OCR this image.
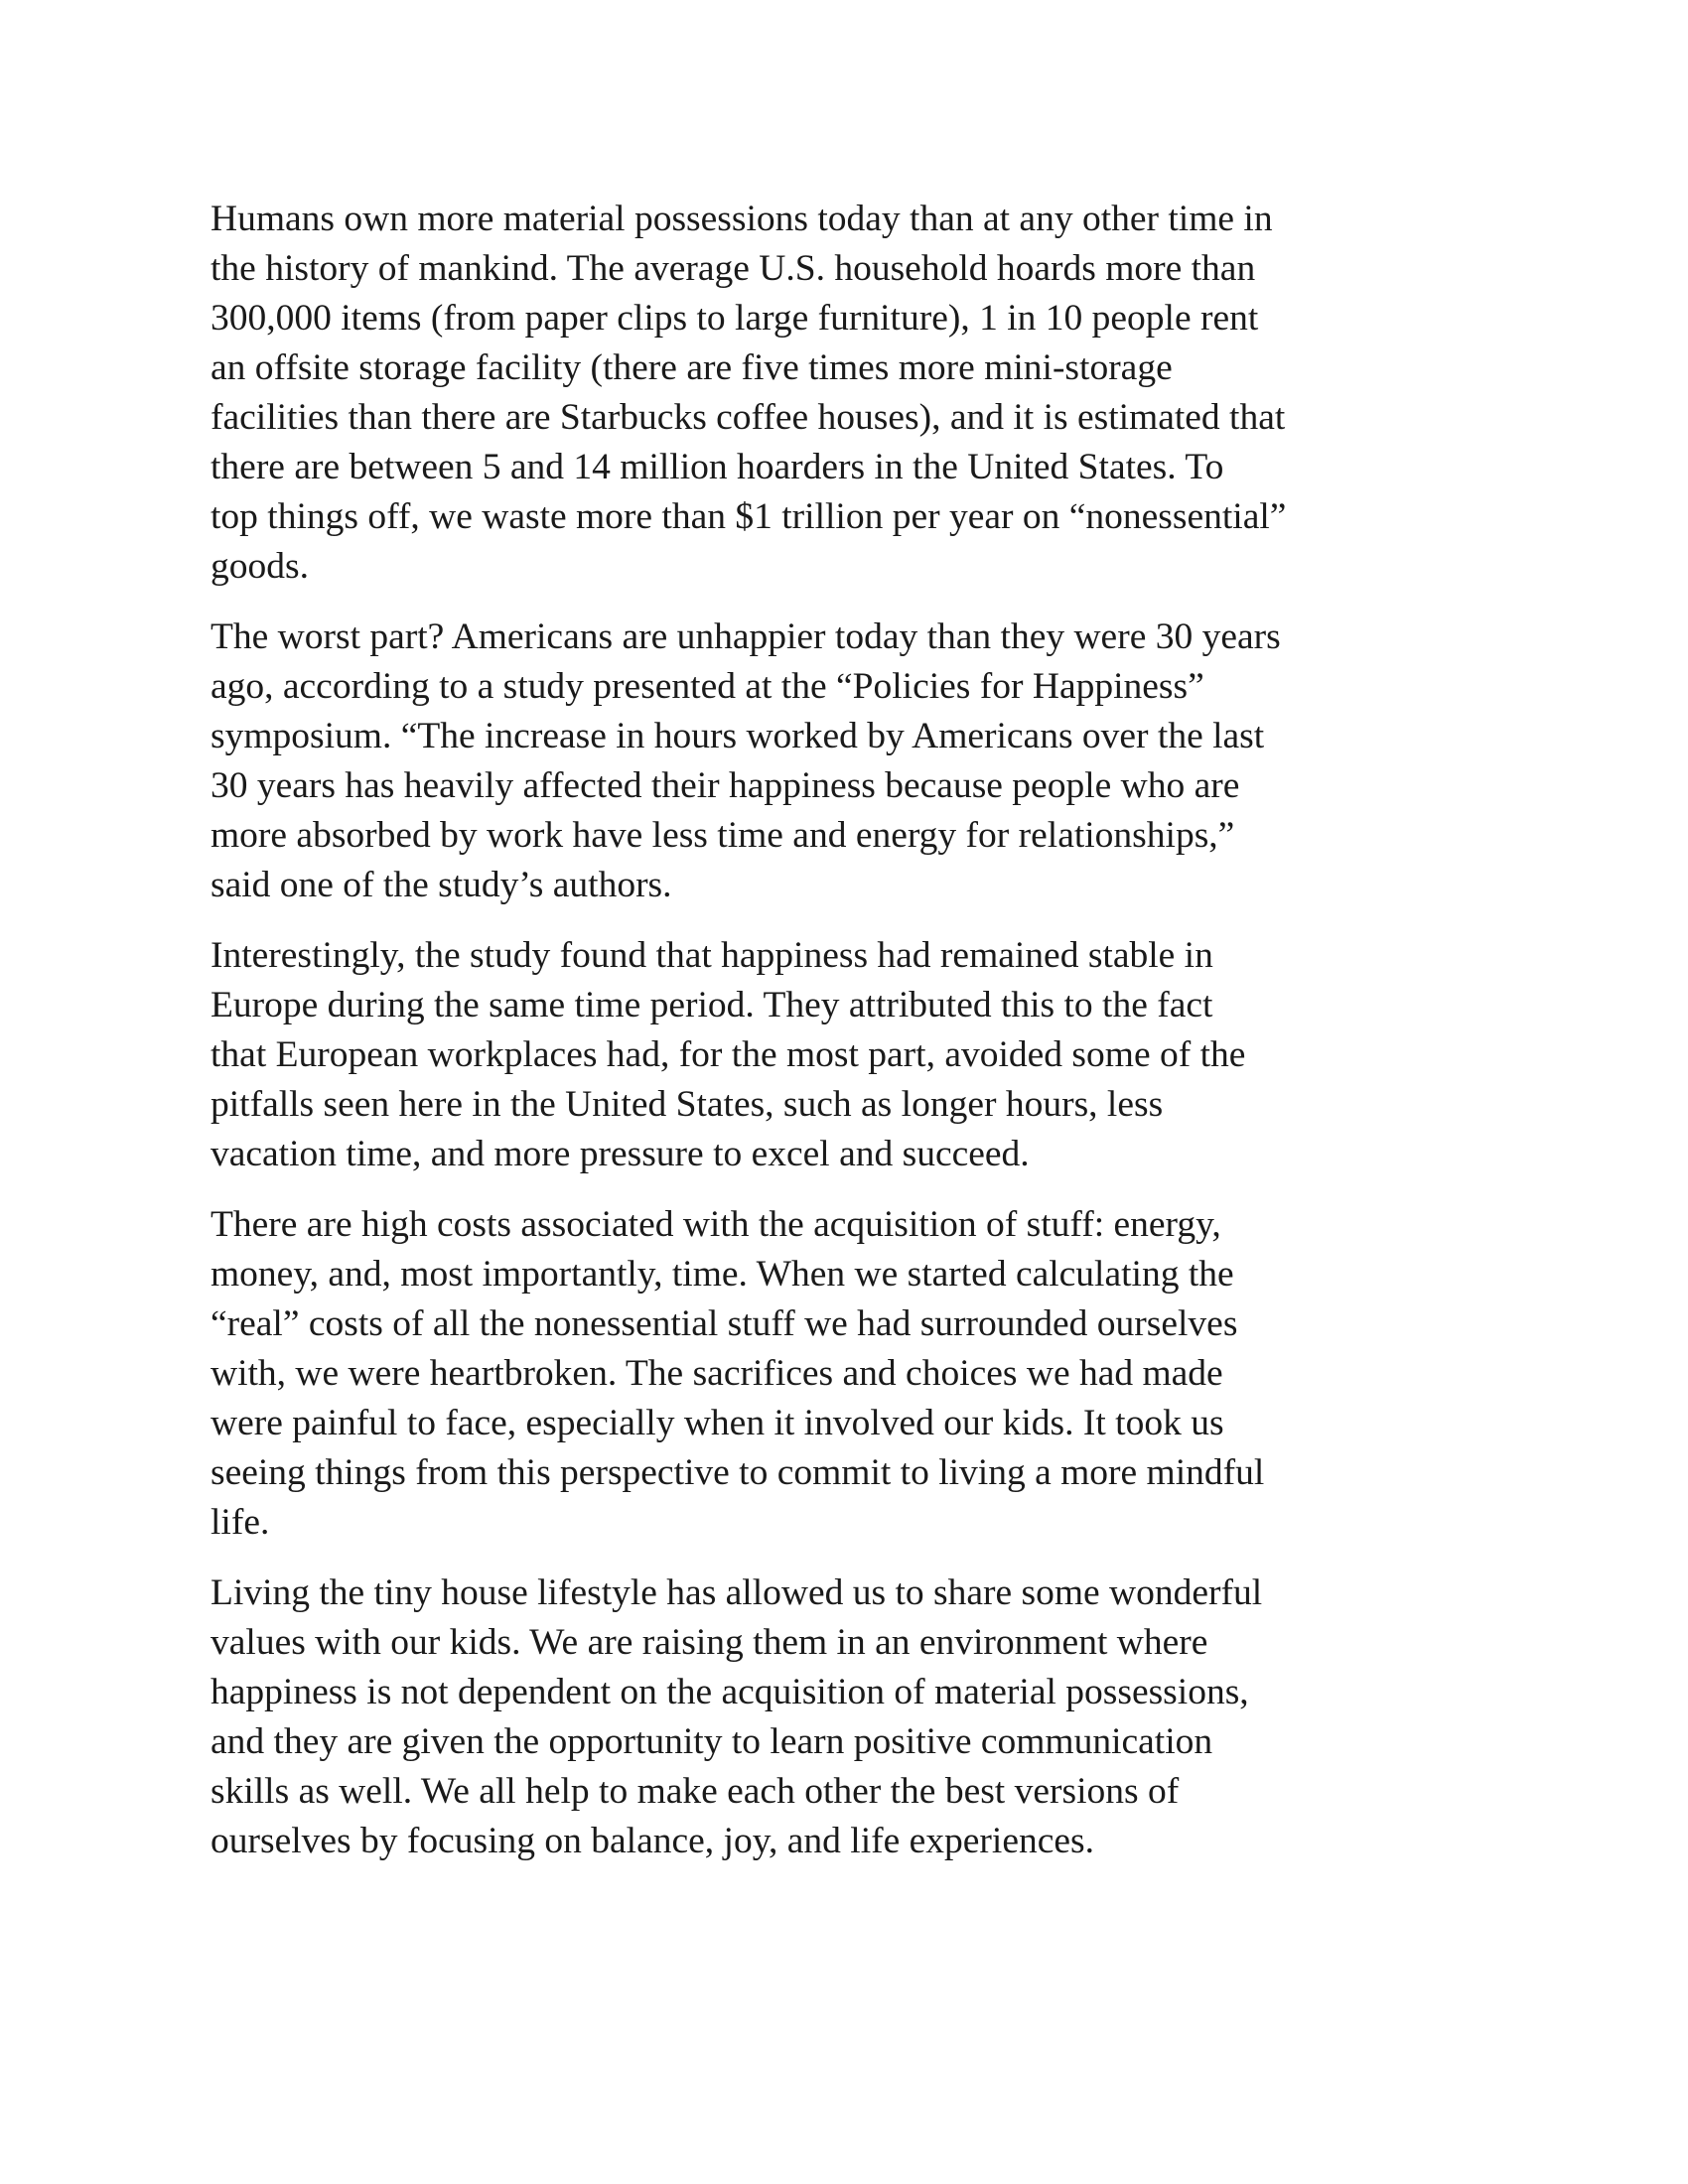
Humans own more material possessions today than at any other time in
the history of mankind. The average U.S. household hoards more than
300,000 items (from paper clips to large furniture), 1 in 10 people rent
an offsite storage facility (there are five times more mini-storage
facilities than there are Starbucks coffee houses), and it is estimated that
there are between 5 and 14 million hoarders in the United States. To
top things off, we waste more than $1 trillion per year on “nonessential”
goods.

The worst part? Americans are unhappier today than they were 30 years
ago, according to a study presented at the “Policies for Happiness”
symposium. “The increase in hours worked by Americans over the last
30 years has heavily affected their happiness because people who are
more absorbed by work have less time and energy for relationships,”
said one of the study’s authors.

Interestingly, the study found that happiness had remained stable in
Europe during the same time period. They attributed this to the fact
that European workplaces had, for the most part, avoided some of the
pitfalls seen here in the United States, such as longer hours, less
vacation time, and more pressure to excel and succeed.

There are high costs associated with the acquisition of stuff: energy,
money, and, most importantly, time. When we started calculating the
“real” costs of all the nonessential stuff we had surrounded ourselves
with, we were heartbroken. The sacrifices and choices we had made
were painful to face, especially when it involved our kids. It took us
seeing things from this perspective to commit to living a more mindful
life.

Living the tiny house lifestyle has allowed us to share some wonderful
values with our kids. We are raising them in an environment where
happiness is not dependent on the acquisition of material possessions,
and they are given the opportunity to learn positive communication
skills as well. We all help to make each other the best versions of
ourselves by focusing on balance, joy, and life experiences.
